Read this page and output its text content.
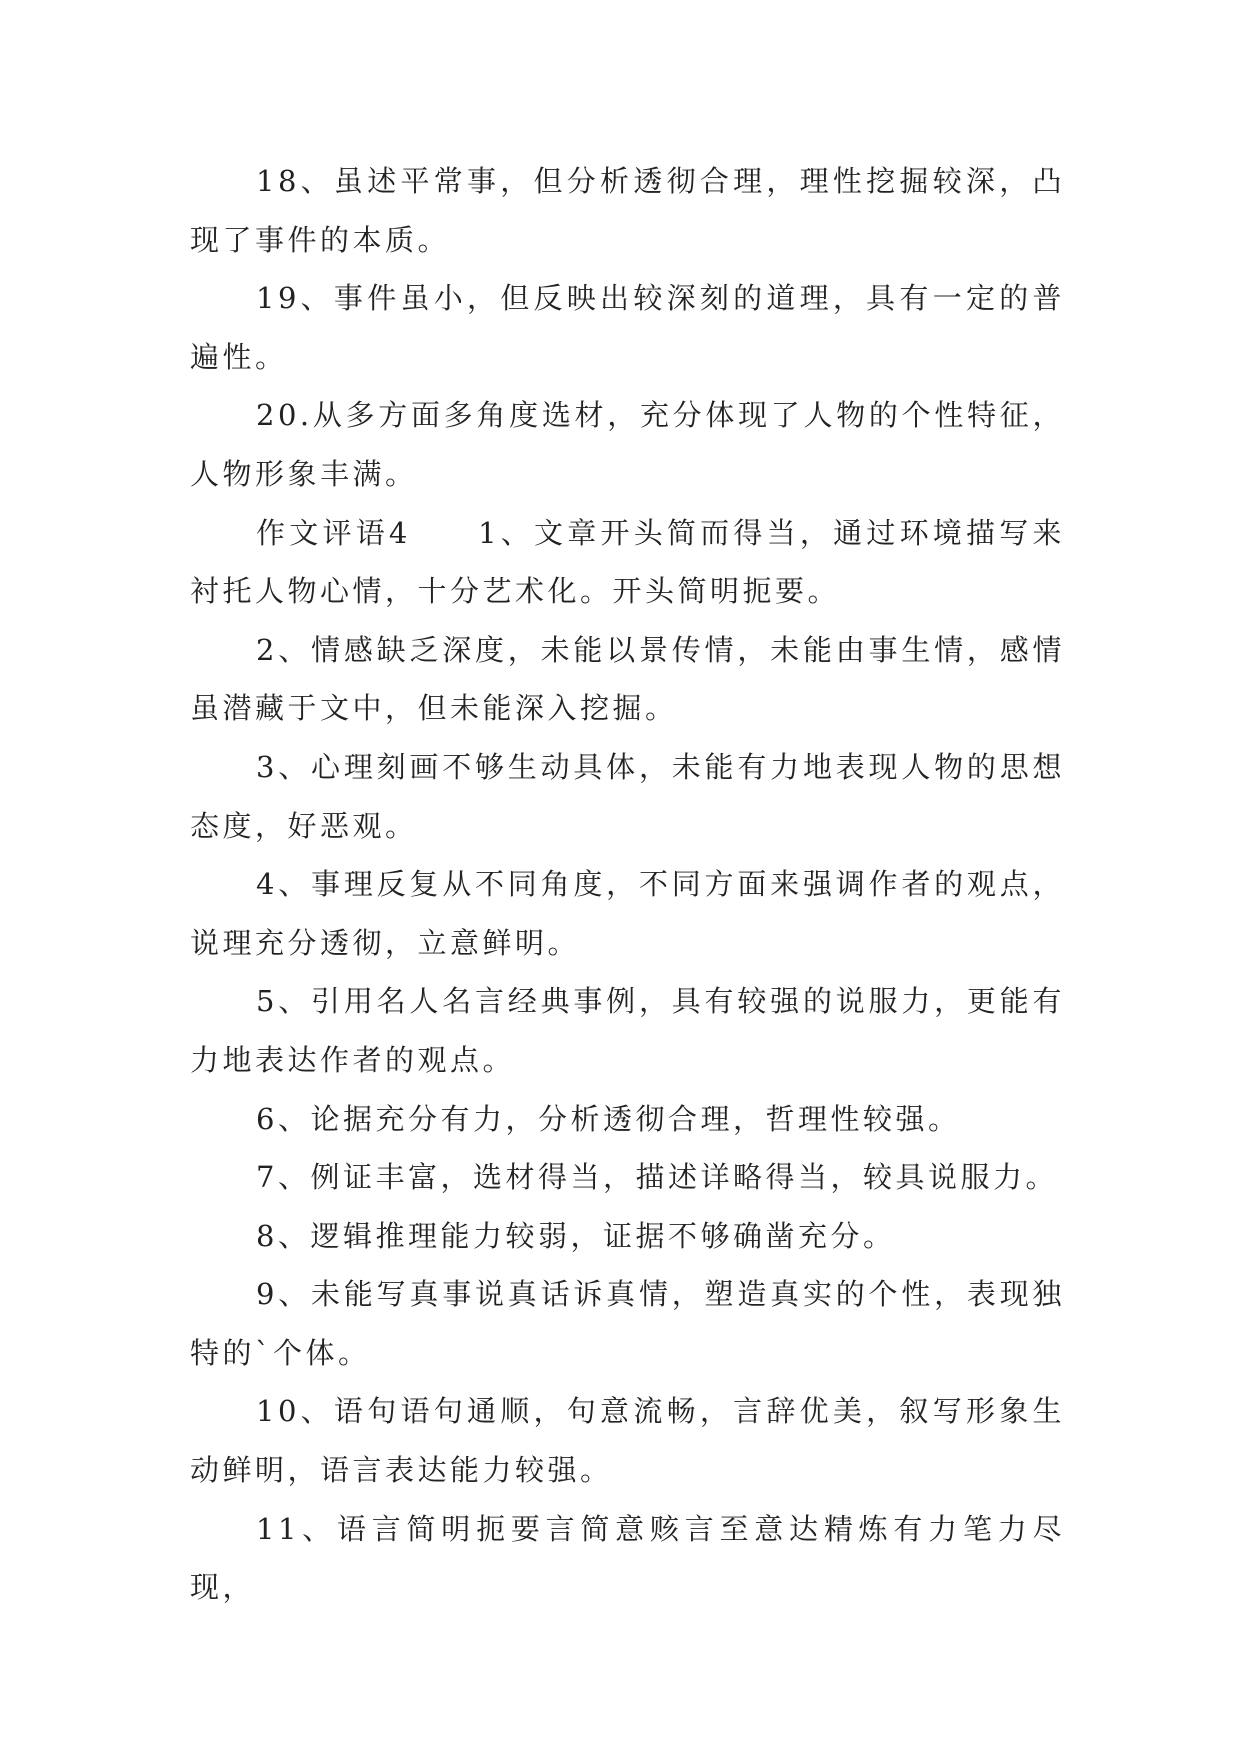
18、虽述平常事，但分析透彻合理，理性挖掘较深，凸现了事件的本质。

19、事件虽小，但反映出较深刻的道理，具有一定的普遍性。

20.从多方面多角度选材，充分体现了人物的个性特征，人物形象丰满。

作文评语4　　1、文章开头简而得当，通过环境描写来衬托人物心情，十分艺术化。开头简明扼要。

2、情感缺乏深度，未能以景传情，未能由事生情，感情虽潜藏于文中，但未能深入挖掘。

3、心理刻画不够生动具体，未能有力地表现人物的思想态度，好恶观。

4、事理反复从不同角度，不同方面来强调作者的观点，说理充分透彻，立意鲜明。

5、引用名人名言经典事例，具有较强的说服力，更能有力地表达作者的观点。

6、论据充分有力，分析透彻合理，哲理性较强。

7、例证丰富，选材得当，描述详略得当，较具说服力。

8、逻辑推理能力较弱，证据不够确凿充分。

9、未能写真事说真话诉真情，塑造真实的个性，表现独特的`个体。

10、语句语句通顺，句意流畅，言辞优美，叙写形象生动鲜明，语言表达能力较强。

11、语言简明扼要言简意赅言至意达精炼有力笔力尽现，
